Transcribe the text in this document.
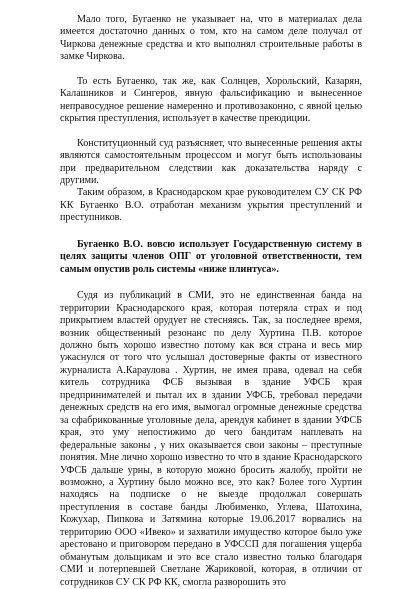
Мало того, Бугаенко не указывает на, что в материалах дела имеется достаточно данных о том, кто на самом деле получал от Чиркова денежные средства и кто выполнял строительные работы в замке Чиркова.

То есть Бугаенко, так же, как Солнцев, Хорольский, Казарян, Калашников и Сингеров, явную фальсификацию и вынесенное неправосудное решение намеренно и противозаконно, с явной целью скрытия преступления, использует в качестве преюдиции.

Конституционный суд разъясняет, что вынесенные решения акты являются самостоятельным процессом и могут быть использованы при предварительном следствии как доказательства наряду с другими.

Таким образом, в Краснодарском крае руководителем СУ СК РФ КК Бугаенко В.О. отработан механизм укрытия преступлений и преступников.

Бугаенко В.О. вовсю использует Государственную систему в целях защиты членов ОПГ от уголовной ответственности, тем самым опустив роль системы «ниже плинтуса».

Судя из публикаций в СМИ, это не единственная банда на территории Краснодарского края, которая потеряла страх и под прикрытием властей орудует не стесняясь. Так, за последнее время, возник общественный резонанс по делу Хуртина П.В. которое должно быть хорошо известно потому как вся страна и весь мир ужаснулся от того что услышал достоверные факты от известного журналиста А.Караулова . Хуртин, не имея права, одевал на себя китель сотрудника ФСБ вызывая в здание УФСБ края предпринимателей и пытал их в здании УФСБ, требовал передачи денежных средств на его имя, вымогал огромные денежные средства за сфабрикованные уголовные дела, арендуя кабинет в здании УФСБ края, это уму непостижимо до чего бандитам наплевать на федеральные законы , у них оказывается свои законы – преступные понятия. Мне лично хорошо известно то что в здание Краснодарского УФСБ дальше урны, в которую можно бросить жалобу, пройти не возможно, а Хуртину было можно все, это как? Более того Хуртин находясь на подписке о не выезде продолжал совершать преступления в составе банды Любименко, Углева, Шатохина, Кожухар, Пипкова и Затямина которые 19.06.2017 ворвались на территорию ООО «Ивеко» и захватили имущество которое было уже арестовано и приговором передано в УФССП для погашения ущерба обманутым дольщикам и это все стало известно только благодаря СМИ и потерпевшей Светлане Жариковой, которая, в отличии от сотрудников СУ СК РФ КК, смогла разворошить это
